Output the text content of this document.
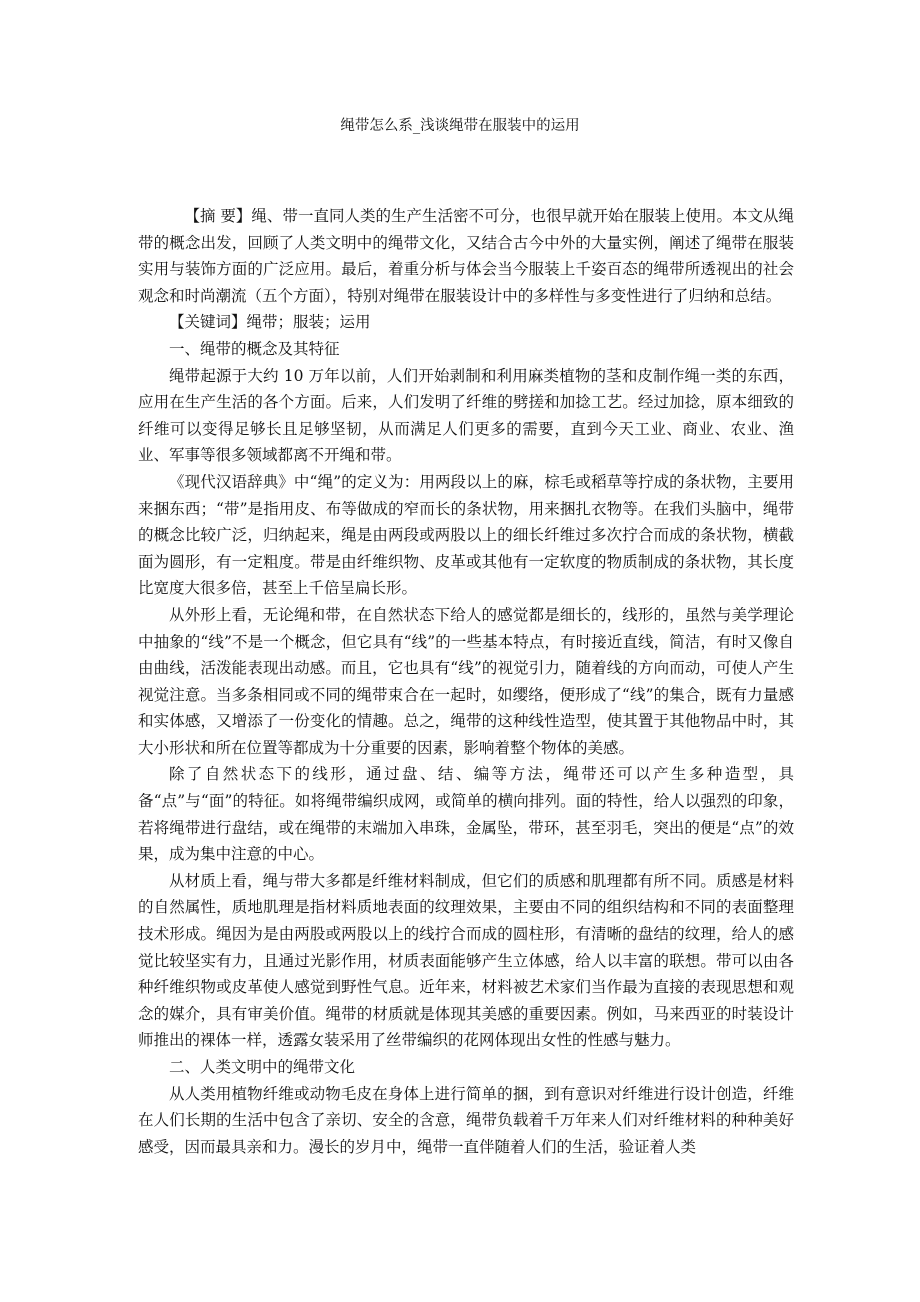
绳带怎么系_浅谈绳带在服装中的运用

【摘 要】绳、带一直同人类的生产生活密不可分，也很早就开始在服装上使用。本文从绳带的概念出发，回顾了人类文明中的绳带文化，又结合古今中外的大量实例，阐述了绳带在服装实用与装饰方面的广泛应用。最后，着重分析与体会当今服装上千姿百态的绳带所透视出的社会观念和时尚潮流（五个方面），特别对绳带在服装设计中的多样性与多变性进行了归纳和总结。

【关键词】绳带；服装；运用

一、绳带的概念及其特征

绳带起源于大约 10 万年以前，人们开始剥制和利用麻类植物的茎和皮制作绳一类的东西，应用在生产生活的各个方面。后来，人们发明了纤维的劈搓和加捻工艺。经过加捻，原本细致的纤维可以变得足够长且足够坚韧，从而满足人们更多的需要，直到今天工业、商业、农业、渔业、军事等很多领域都离不开绳和带。

《现代汉语辞典》中“绳”的定义为：用两段以上的麻，棕毛或稻草等拧成的条状物，主要用来捆东西；“带”是指用皮、布等做成的窄而长的条状物，用来捆扎衣物等。在我们头脑中，绳带的概念比较广泛，归纳起来，绳是由两段或两股以上的细长纤维过多次拧合而成的条状物，横截面为圆形，有一定粗度。带是由纤维织物、皮革或其他有一定软度的物质制成的条状物，其长度比宽度大很多倍，甚至上千倍呈扁长形。

从外形上看，无论绳和带，在自然状态下给人的感觉都是细长的，线形的，虽然与美学理论中抽象的“线”不是一个概念，但它具有“线”的一些基本特点，有时接近直线，简洁，有时又像自由曲线，活泼能表现出动感。而且，它也具有“线”的视觉引力，随着线的方向而动，可使人产生视觉注意。当多条相同或不同的绳带束合在一起时，如缨络，便形成了“线”的集合，既有力量感和实体感，又增添了一份变化的情趣。总之，绳带的这种线性造型，使其置于其他物品中时，其大小形状和所在位置等都成为十分重要的因素，影响着整个物体的美感。

除了自然状态下的线形，通过盘、结、编等方法，绳带还可以产生多种造型，具备“点”与“面”的特征。如将绳带编织成网，或简单的横向排列。面的特性，给人以强烈的印象，若将绳带进行盘结，或在绳带的末端加入串珠，金属坠，带环，甚至羽毛，突出的便是“点”的效果，成为集中注意的中心。

从材质上看，绳与带大多都是纤维材料制成，但它们的质感和肌理都有所不同。质感是材料的自然属性，质地肌理是指材料质地表面的纹理效果，主要由不同的组织结构和不同的表面整理技术形成。绳因为是由两股或两股以上的线拧合而成的圆柱形，有清晰的盘结的纹理，给人的感觉比较坚实有力，且通过光影作用，材质表面能够产生立体感，给人以丰富的联想。带可以由各种纤维织物或皮革使人感觉到野性气息。近年来，材料被艺术家们当作最为直接的表现思想和观念的媒介，具有审美价值。绳带的材质就是体现其美感的重要因素。例如，马来西亚的时装设计师推出的裸体一样，透露女装采用了丝带编织的花网体现出女性的性感与魅力。

二、人类文明中的绳带文化

从人类用植物纤维或动物毛皮在身体上进行简单的捆，到有意识对纤维进行设计创造，纤维在人们长期的生活中包含了亲切、安全的含意，绳带负载着千万年来人们对纤维材料的种种美好感受，因而最具亲和力。漫长的岁月中，绳带一直伴随着人们的生活，验证着人类
